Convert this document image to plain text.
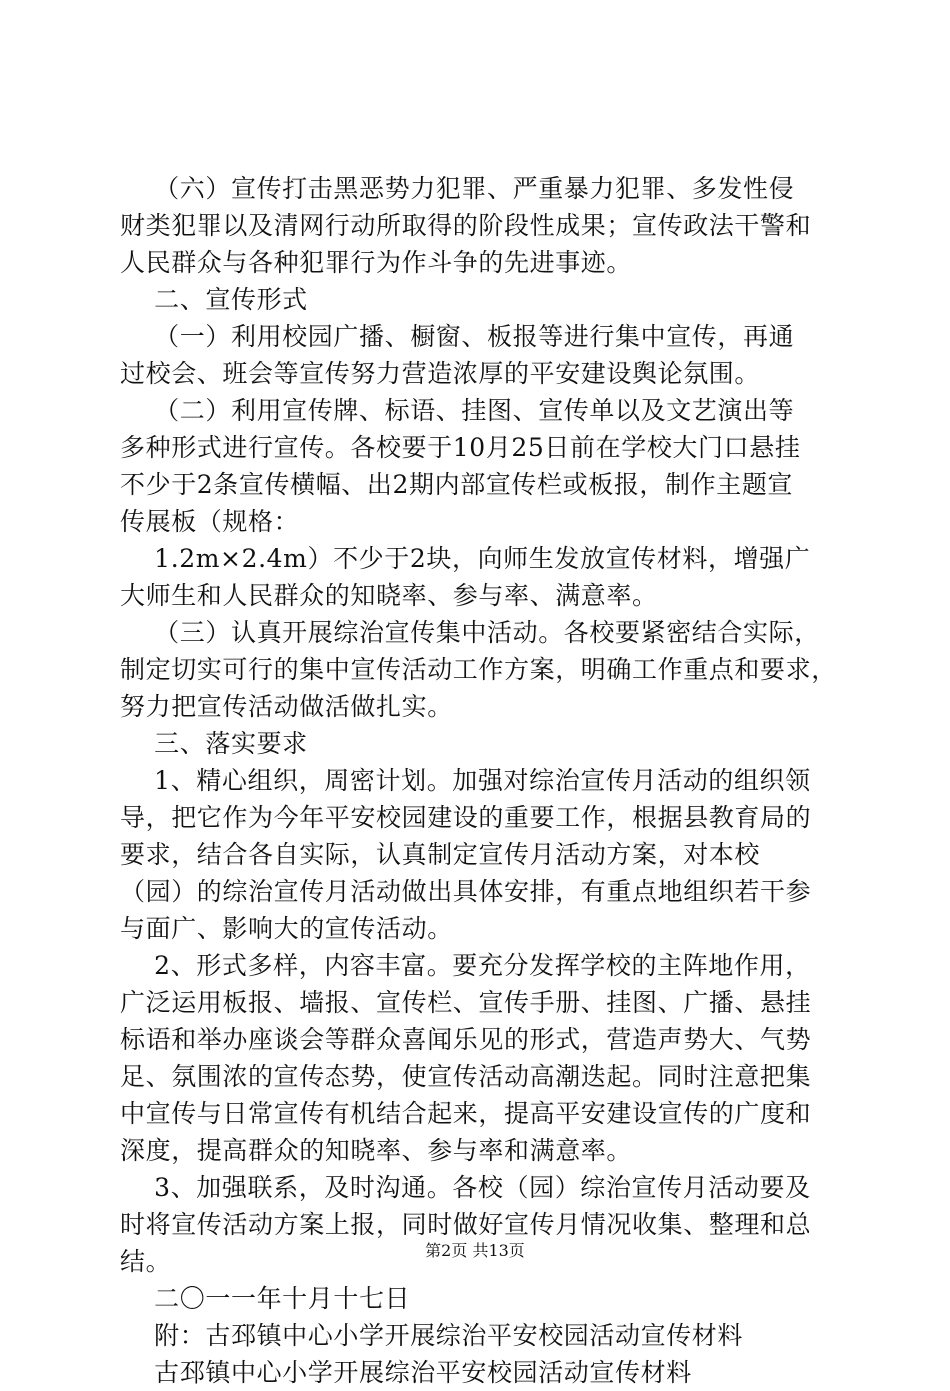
（六）宣传打击黑恶势力犯罪、严重暴力犯罪、多发性侵
财类犯罪以及清网行动所取得的阶段性成果；宣传政法干警和
人民群众与各种犯罪行为作斗争的先进事迹。
二、宣传形式
（一）利用校园广播、橱窗、板报等进行集中宣传，再通
过校会、班会等宣传努力营造浓厚的平安建设舆论氛围。
（二）利用宣传牌、标语、挂图、宣传单以及文艺演出等
多种形式进行宣传。各校要于10月25日前在学校大门口悬挂
不少于2条宣传横幅、出2期内部宣传栏或板报，制作主题宣
传展板（规格：
1.2m×2.4m）不少于2块，向师生发放宣传材料，增强广
大师生和人民群众的知晓率、参与率、满意率。
（三）认真开展综治宣传集中活动。各校要紧密结合实际，
制定切实可行的集中宣传活动工作方案，明确工作重点和要求，
努力把宣传活动做活做扎实。
三、落实要求
1、精心组织，周密计划。加强对综治宣传月活动的组织领
导，把它作为今年平安校园建设的重要工作，根据县教育局的
要求，结合各自实际，认真制定宣传月活动方案，对本校
（园）的综治宣传月活动做出具体安排，有重点地组织若干参
与面广、影响大的宣传活动。
2、形式多样，内容丰富。要充分发挥学校的主阵地作用，
广泛运用板报、墙报、宣传栏、宣传手册、挂图、广播、悬挂
标语和举办座谈会等群众喜闻乐见的形式，营造声势大、气势
足、氛围浓的宣传态势，使宣传活动高潮迭起。同时注意把集
中宣传与日常宣传有机结合起来，提高平安建设宣传的广度和
深度，提高群众的知晓率、参与率和满意率。
3、加强联系，及时沟通。各校（园）综治宣传月活动要及
时将宣传活动方案上报，同时做好宣传月情况收集、整理和总
结。
二〇一一年十月十七日
附：古邳镇中心小学开展综治平安校园活动宣传材料
古邳镇中心小学开展综治平安校园活动宣传材料
第2页 共13页
